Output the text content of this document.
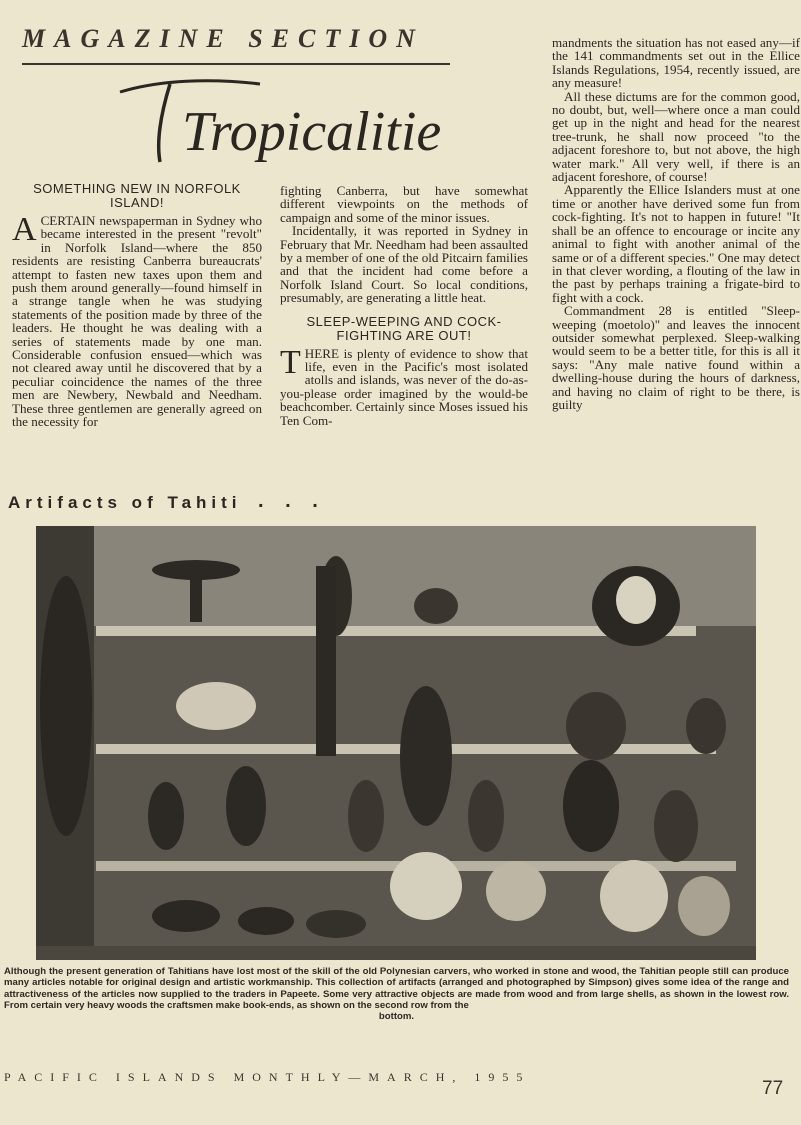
MAGAZINE SECTION
Tropicalities
SOMETHING NEW IN NORFOLK ISLAND!

ACERTAIN newspaperman in Sydney who became interested in the present "revolt" in Norfolk Island—where the 850 residents are resisting Canberra bureaucrats' attempt to fasten new taxes upon them and push them around generally—found himself in a strange tangle when he was studying statements of the position made by three of the leaders. He thought he was dealing with a series of statements made by one man. Considerable confusion ensued—which was not cleared away until he discovered that by a peculiar coincidence the names of the three men are Newbery, Newbald and Needham. These three gentlemen are generally agreed on the necessity for

fighting Canberra, but have somewhat different viewpoints on the methods of campaign and some of the minor issues.

Incidentally, it was reported in Sydney in February that Mr. Needham had been assaulted by a member of one of the old Pitcairn families and that the incident had come before a Norfolk Island Court. So local conditions, presumably, are generating a little heat.

SLEEP-WEEPING AND COCK-FIGHTING ARE OUT!

THERE is plenty of evidence to show that life, even in the Pacific's most isolated atolls and islands, was never of the do-as-you-please order imagined by the would-be beachcomber. Certainly since Moses issued his Ten Com-

mandments the situation has not eased any—if the 141 commandments set out in the Ellice Islands Regulations, 1954, recently issued, are any measure!

All these dictums are for the common good, no doubt, but, well—where once a man could get up in the night and head for the nearest tree-trunk, he shall now proceed "to the adjacent foreshore to, but not above, the high water mark." All very well, if there is an adjacent foreshore, of course!

Apparently the Ellice Islanders must at one time or another have derived some fun from cock-fighting. It's not to happen in future! "It shall be an offence to encourage or incite any animal to fight with another animal of the same or of a different species." One may detect in that clever wording, a flouting of the law in the past by perhaps training a frigate-bird to fight with a cock.

Commandment 28 is entitled "Sleep-weeping (moetolo)" and leaves the innocent outsider somewhat perplexed. Sleep-walking would seem to be a better title, for this is all it says: "Any male native found within a dwelling-house during the hours of darkness, and having no claim of right to be there, is guilty

Artifacts of Tahiti . . .
Although the present generation of Tahitians have lost most of the skill of the old Polynesian carvers, who worked in stone and wood, the Tahitian people still can produce many articles notable for original design and artistic workmanship. This collection of artifacts (arranged and photographed by Simpson) gives some idea of the range and attractiveness of the articles now supplied to the traders in Papeete. Some very attractive objects are made from wood and from large shells, as shown in the lowest row. From certain very heavy woods the craftsmen make book-ends, as shown on the second row from the
bottom.
PACIFIC ISLANDS MONTHLY—MARCH, 1955
77
